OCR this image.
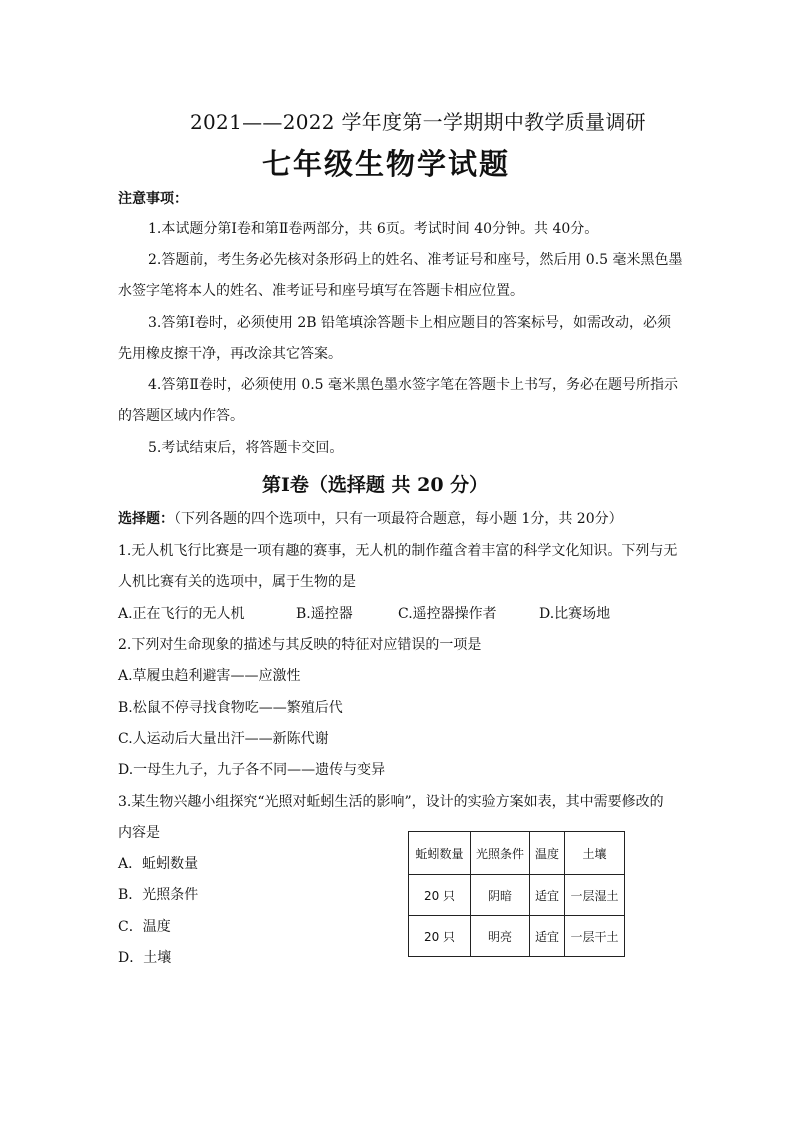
2021——2022 学年度第一学期期中教学质量调研
七年级生物学试题
注意事项：
1.本试题分第Ⅰ卷和第Ⅱ卷两部分，共 6页。考试时间 40分钟。共 40分。
2.答题前，考生务必先核对条形码上的姓名、准考证号和座号，然后用 0.5 毫米黑色墨
水签字笔将本人的姓名、准考证号和座号填写在答题卡相应位置。
3.答第Ⅰ卷时，必须使用 2B 铅笔填涂答题卡上相应题目的答案标号，如需改动，必须
先用橡皮擦干净，再改涂其它答案。
4.答第Ⅱ卷时，必须使用 0.5 毫米黑色墨水签字笔在答题卡上书写，务必在题号所指示
的答题区域内作答。
5.考试结束后，将答题卡交回。
第Ⅰ卷（选择题 共 20 分）
选择题：（下列各题的四个选项中，只有一项最符合题意，每小题 1分，共 20分）
1.无人机飞行比赛是一项有趣的赛事，无人机的制作蕴含着丰富的科学文化知识。下列与无
人机比赛有关的选项中，属于生物的是
A.正在飞行的无人机	B.遥控器	C.遥控器操作者	D.比赛场地
2.下列对生命现象的描述与其反映的特征对应错误的一项是
A.草履虫趋利避害——应激性
B.松鼠不停寻找食物吃——繁殖后代
C.人运动后大量出汗——新陈代谢
D.一母生九子，九子各不同——遗传与变异
3.某生物兴趣小组探究“光照对蚯蚓生活的影响”，设计的实验方案如表，其中需要修改的
内容是
A．蚯蚓数量
B．光照条件
C．温度
D．土壤
蚯蚓数量	光照条件	温度	土壤
20 只	阴暗	适宜	一层湿土
20 只	明亮	适宜	一层干土
